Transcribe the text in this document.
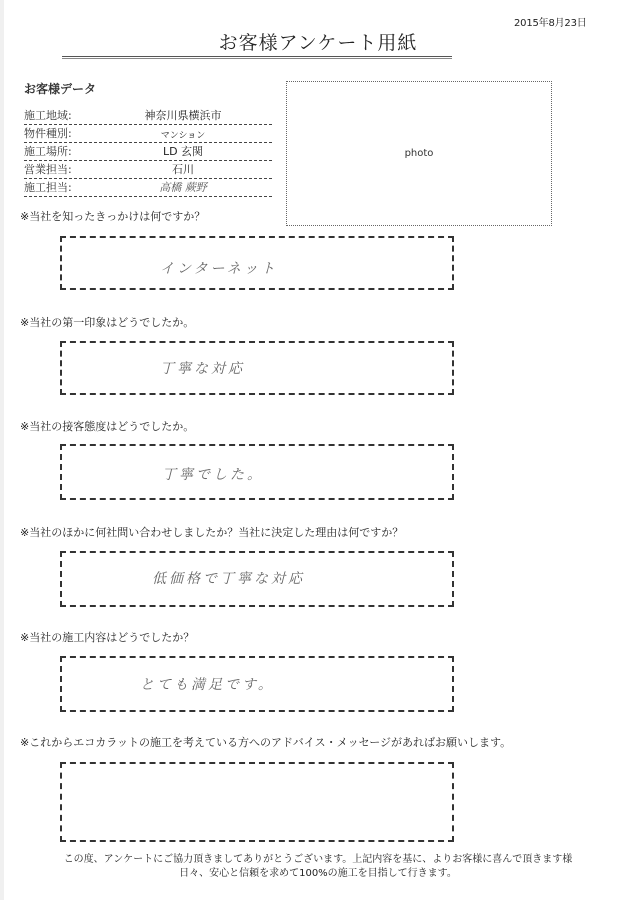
2015年8月23日
お客様アンケート用紙
お客様データ
施工地域:	神奈川県横浜市
物件種別:	マンション
施工場所:	LD 玄関
営業担当:	石川
施工担当:	高橋 蕨野
photo
※当社を知ったきっかけは何ですか？
インターネット
※当社の第一印象はどうでしたか。
丁寧な対応
※当社の接客態度はどうでしたか。
丁寧でした。
※当社のほかに何社問い合わせしましたか？当社に決定した理由は何ですか？
低価格で丁寧な対応
※当社の施工内容はどうでしたか？
とても満足です。
※これからエコカラットの施工を考えている方へのアドバイス・メッセージがあればお願いします。
この度、アンケートにご協力頂きましてありがとうございます。上記内容を基に、よりお客様に喜んで頂きます様
日々、安心と信頼を求めて100%の施工を目指して行きます。
